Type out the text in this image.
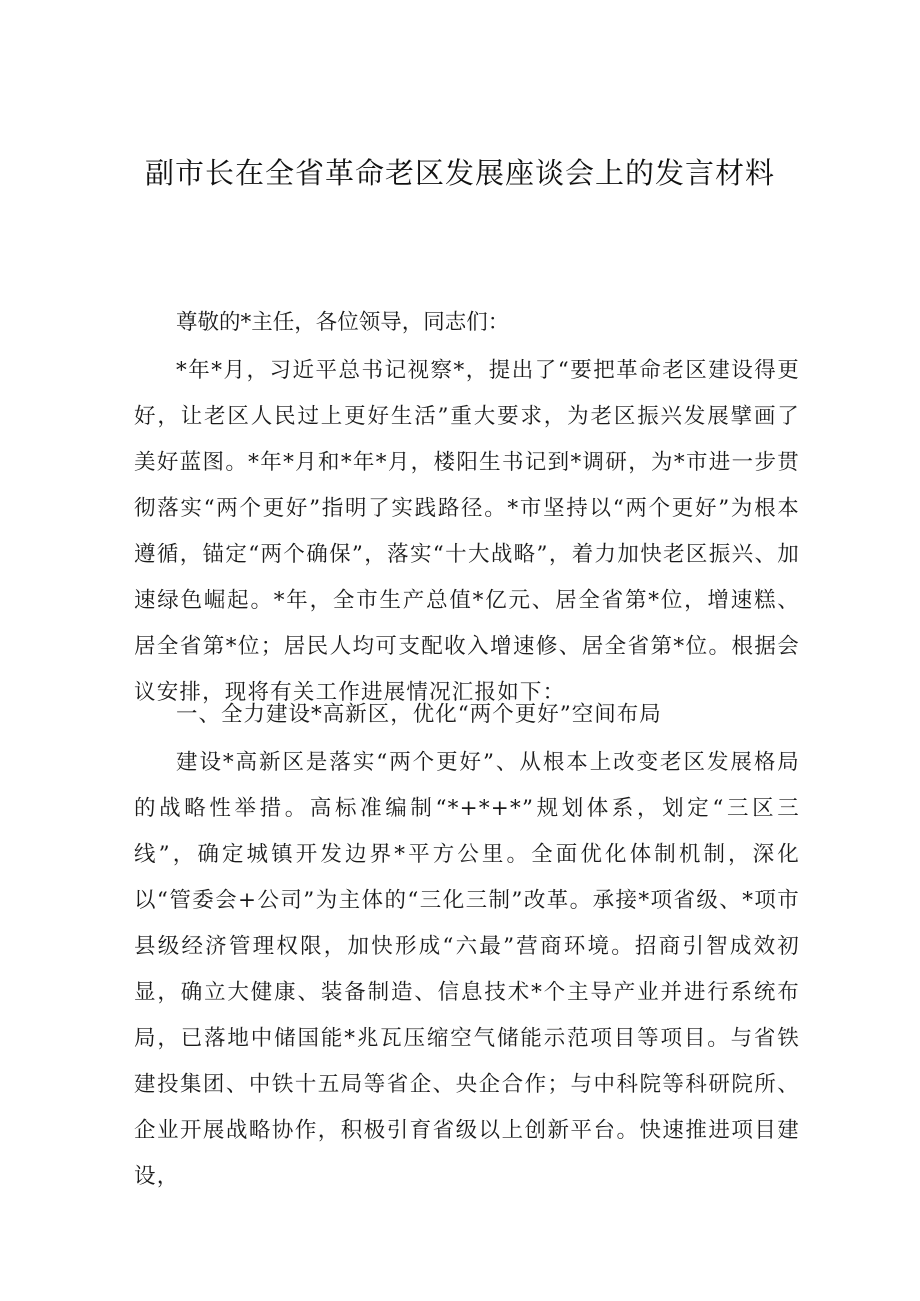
副市长在全省革命老区发展座谈会上的发言材料

尊敬的*主任，各位领导，同志们：

*年*月，习近平总书记视察*，提出了“要把革命老区建设得更好，让老区人民过上更好生活”重大要求，为老区振兴发展擘画了美好蓝图。*年*月和*年*月，楼阳生书记到*调研，为*市进一步贯彻落实“两个更好”指明了实践路径。*市坚持以“两个更好”为根本遵循，锚定“两个确保”，落实“十大战略”，着力加快老区振兴、加速绿色崛起。*年，全市生产总值*亿元、居全省第*位，增速糕、居全省第*位；居民人均可支配收入增速修、居全省第*位。根据会议安排，现将有关工作进展情况汇报如下：

一、全力建设*高新区，优化“两个更好”空间布局

建设*高新区是落实“两个更好”、从根本上改变老区发展格局的战略性举措。高标准编制“*+*+*”规划体系，划定“三区三线”，确定城镇开发边界*平方公里。全面优化体制机制，深化以“管委会+公司”为主体的“三化三制”改革。承接*项省级、*项市县级经济管理权限，加快形成“六最”营商环境。招商引智成效初显，确立大健康、装备制造、信息技术*个主导产业并进行系统布局，已落地中储国能*兆瓦压缩空气储能示范项目等项目。与省铁建投集团、中铁十五局等省企、央企合作；与中科院等科研院所、企业开展战略协作，积极引育省级以上创新平台。快速推进项目建设，
